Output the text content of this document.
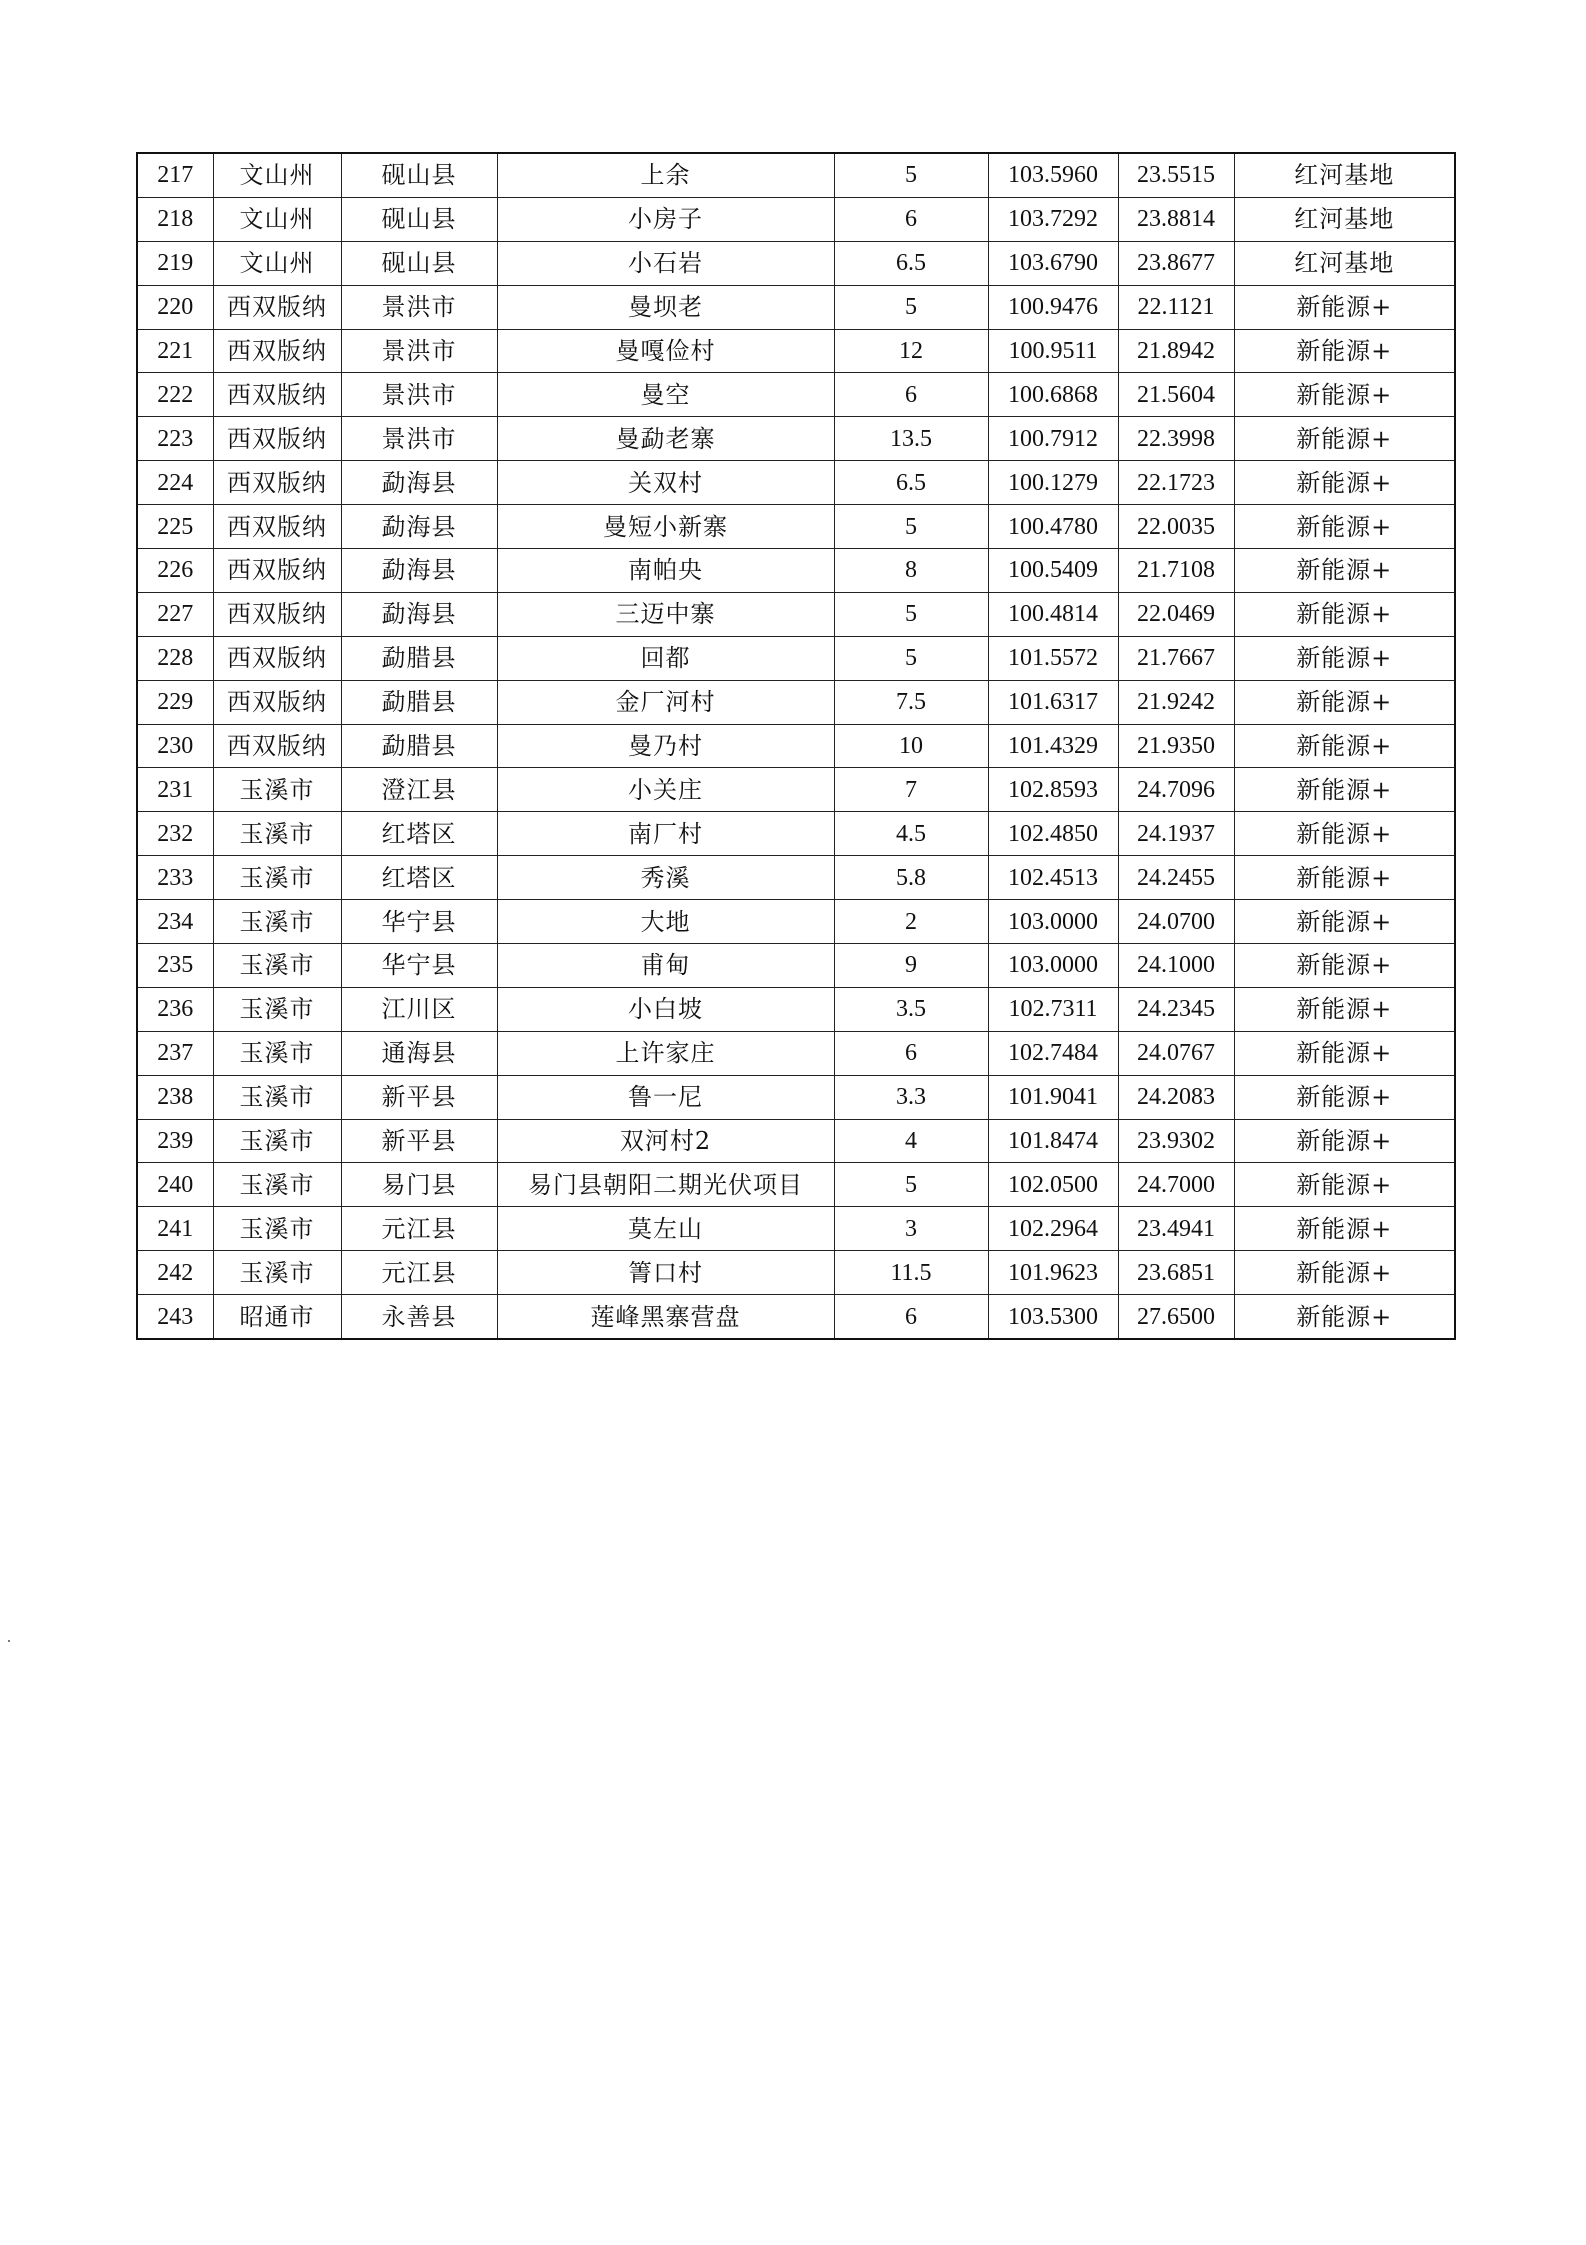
217	文山州	砚山县	上余	5	103.5960	23.5515	红河基地
218	文山州	砚山县	小房子	6	103.7292	23.8814	红河基地
219	文山州	砚山县	小石岩	6.5	103.6790	23.8677	红河基地
220	西双版纳	景洪市	曼坝老	5	100.9476	22.1121	新能源+
221	西双版纳	景洪市	曼嘎俭村	12	100.9511	21.8942	新能源+
222	西双版纳	景洪市	曼空	6	100.6868	21.5604	新能源+
223	西双版纳	景洪市	曼勐老寨	13.5	100.7912	22.3998	新能源+
224	西双版纳	勐海县	关双村	6.5	100.1279	22.1723	新能源+
225	西双版纳	勐海县	曼短小新寨	5	100.4780	22.0035	新能源+
226	西双版纳	勐海县	南帕央	8	100.5409	21.7108	新能源+
227	西双版纳	勐海县	三迈中寨	5	100.4814	22.0469	新能源+
228	西双版纳	勐腊县	回都	5	101.5572	21.7667	新能源+
229	西双版纳	勐腊县	金厂河村	7.5	101.6317	21.9242	新能源+
230	西双版纳	勐腊县	曼乃村	10	101.4329	21.9350	新能源+
231	玉溪市	澄江县	小关庄	7	102.8593	24.7096	新能源+
232	玉溪市	红塔区	南厂村	4.5	102.4850	24.1937	新能源+
233	玉溪市	红塔区	秀溪	5.8	102.4513	24.2455	新能源+
234	玉溪市	华宁县	大地	2	103.0000	24.0700	新能源+
235	玉溪市	华宁县	甫甸	9	103.0000	24.1000	新能源+
236	玉溪市	江川区	小白坡	3.5	102.7311	24.2345	新能源+
237	玉溪市	通海县	上许家庄	6	102.7484	24.0767	新能源+
238	玉溪市	新平县	鲁一尼	3.3	101.9041	24.2083	新能源+
239	玉溪市	新平县	双河村2	4	101.8474	23.9302	新能源+
240	玉溪市	易门县	易门县朝阳二期光伏项目	5	102.0500	24.7000	新能源+
241	玉溪市	元江县	莫左山	3	102.2964	23.4941	新能源+
242	玉溪市	元江县	箐口村	11.5	101.9623	23.6851	新能源+
243	昭通市	永善县	莲峰黑寨营盘	6	103.5300	27.6500	新能源+
